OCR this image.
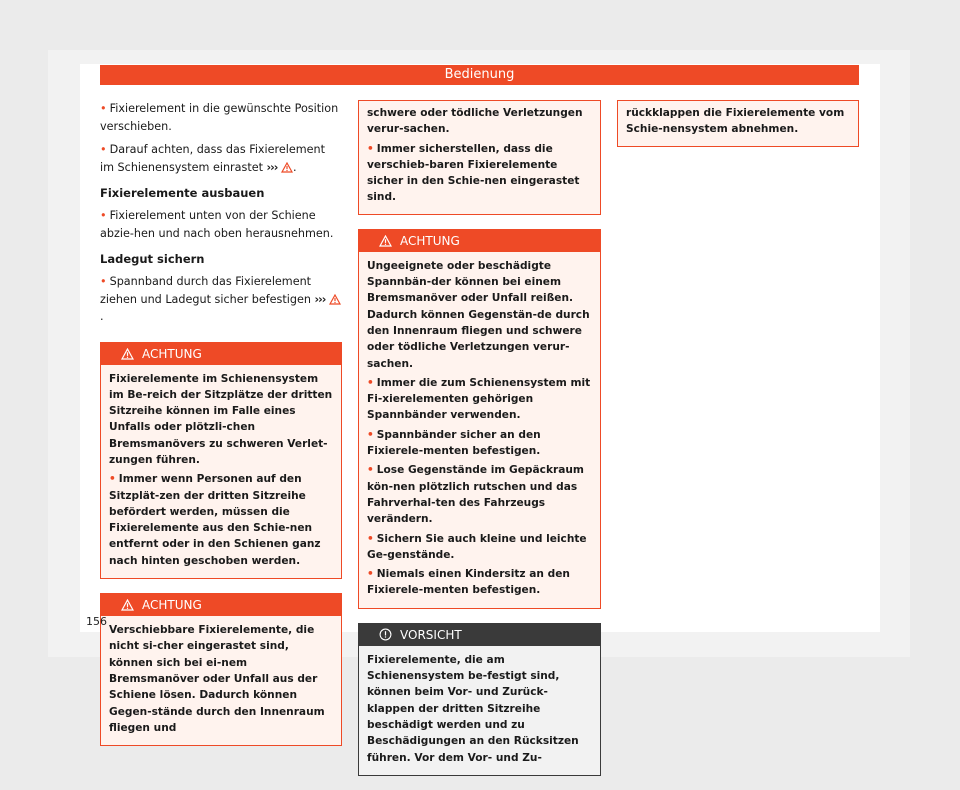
Bedienung

• Fixierelement in die gewünschte Position verschieben.

• Darauf achten, dass das Fixierelement im Schienensystem einrastet ››› .

Fixierelemente ausbauen

• Fixierelement unten von der Schiene abzie-hen und nach oben herausnehmen.

Ladegut sichern

• Spannband durch das Fixierelement ziehen und Ladegut sicher befestigen ››› .

ACHTUNG

Fixierelemente im Schienensystem im Be-reich der Sitzplätze der dritten Sitzreihe können im Falle eines Unfalls oder plötzli-chen Bremsmanövers zu schweren Verlet-zungen führen.

• Immer wenn Personen auf den Sitzplät-zen der dritten Sitzreihe befördert werden, müssen die Fixierelemente aus den Schie-nen entfernt oder in den Schienen ganz nach hinten geschoben werden.

ACHTUNG

Verschiebbare Fixierelemente, die nicht si-cher eingerastet sind, können sich bei ei-nem Bremsmanöver oder Unfall aus der Schiene lösen. Dadurch können Gegen-stände durch den Innenraum fliegen und

schwere oder tödliche Verletzungen verur-sachen.

• Immer sicherstellen, dass die verschieb-baren Fixierelemente sicher in den Schie-nen eingerastet sind.

ACHTUNG

Ungeeignete oder beschädigte Spannbän-der können bei einem Bremsmanöver oder Unfall reißen. Dadurch können Gegenstän-de durch den Innenraum fliegen und schwere oder tödliche Verletzungen verur-sachen.

• Immer die zum Schienensystem mit Fi-xierelementen gehörigen Spannbänder verwenden.

• Spannbänder sicher an den Fixierele-menten befestigen.

• Lose Gegenstände im Gepäckraum kön-nen plötzlich rutschen und das Fahrverhal-ten des Fahrzeugs verändern.

• Sichern Sie auch kleine und leichte Ge-genstände.

• Niemals einen Kindersitz an den Fixierele-menten befestigen.

VORSICHT

Fixierelemente, die am Schienensystem be-festigt sind, können beim Vor- und Zurück-klappen der dritten Sitzreihe beschädigt werden und zu Beschädigungen an den Rücksitzen führen. Vor dem Vor- und Zu-

rückklappen die Fixierelemente vom Schie-nensystem abnehmen.

156
